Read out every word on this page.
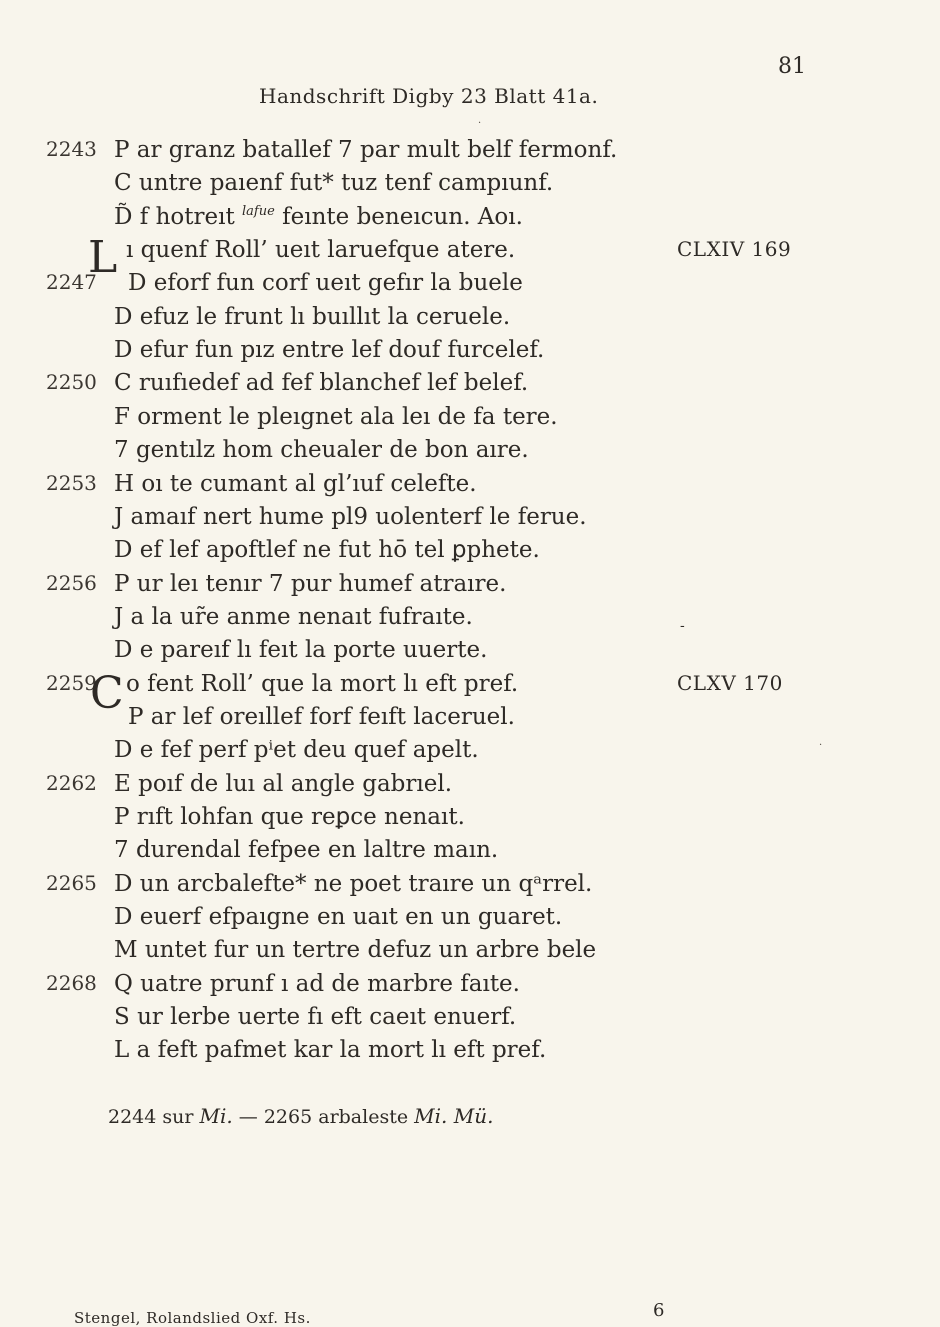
81
Handschrift Digby 23 Blatt 41a.
2243 P ar granz batallef 7 par mult belf fermonf.
C untre paıenf fut* tuz tenf campıunf.
D̃ f hotreıt $^{lafue}$ feınte beneıcun. Aoı.
ı quenf Roll’ ueıt laruefque atere.	CLXIV 169
2247 D eforf fun corf ueıt gefır la buele
D efuz le frunt lı buıllıt la ceruele.
D efur fun pız entre lef douf furcelef.
2250 C ruıfıedef ad fef blanchef lef belef.
F orment le pleıgnet ala leı de fa tere.
7 gentılz hom cheualer de bon aıre.
2253 H oı te cumant al gl’ıuf celefte.
J amaıf nert hume pl9 uolenterf le ferue.
D ef lef apoftlef ne fut hō tel ꝑphete.
2256 P ur leı tenır 7 pur humef atraıre.
J a la ur̃e anme nenaıt fufraıte.
D e pareıf lı feıt la porte uuerte.
2259 o fent Roll’ que la mort lı eft pref.	CLXV 170
P ar lef oreıllef forf feıft laceruel.
D e fef perf pⁱet deu quef apelt.
2262 E poıf de luı al angle gabrıel.
P rıft lohfan que reꝑce nenaıt.
7 durendal fefpee en laltre maın.
2265 D un arcbalefte* ne poet traıre un qᵃrrel.
D euerf efpaıgne en uaıt en un guaret.
M untet fur un tertre defuz un arbre bele
2268 Q uatre prunf ı ad de marbre faıte.
S ur lerbe uerte fı eft caeıt enuerf.
L a feft pafmet kar la mort lı eft pref.
L
C
-
·
·
2244 sur Mi. — 2265 arbaleste Mi. Mü.
Stengel, Rolandslied Oxf. Hs.	6
